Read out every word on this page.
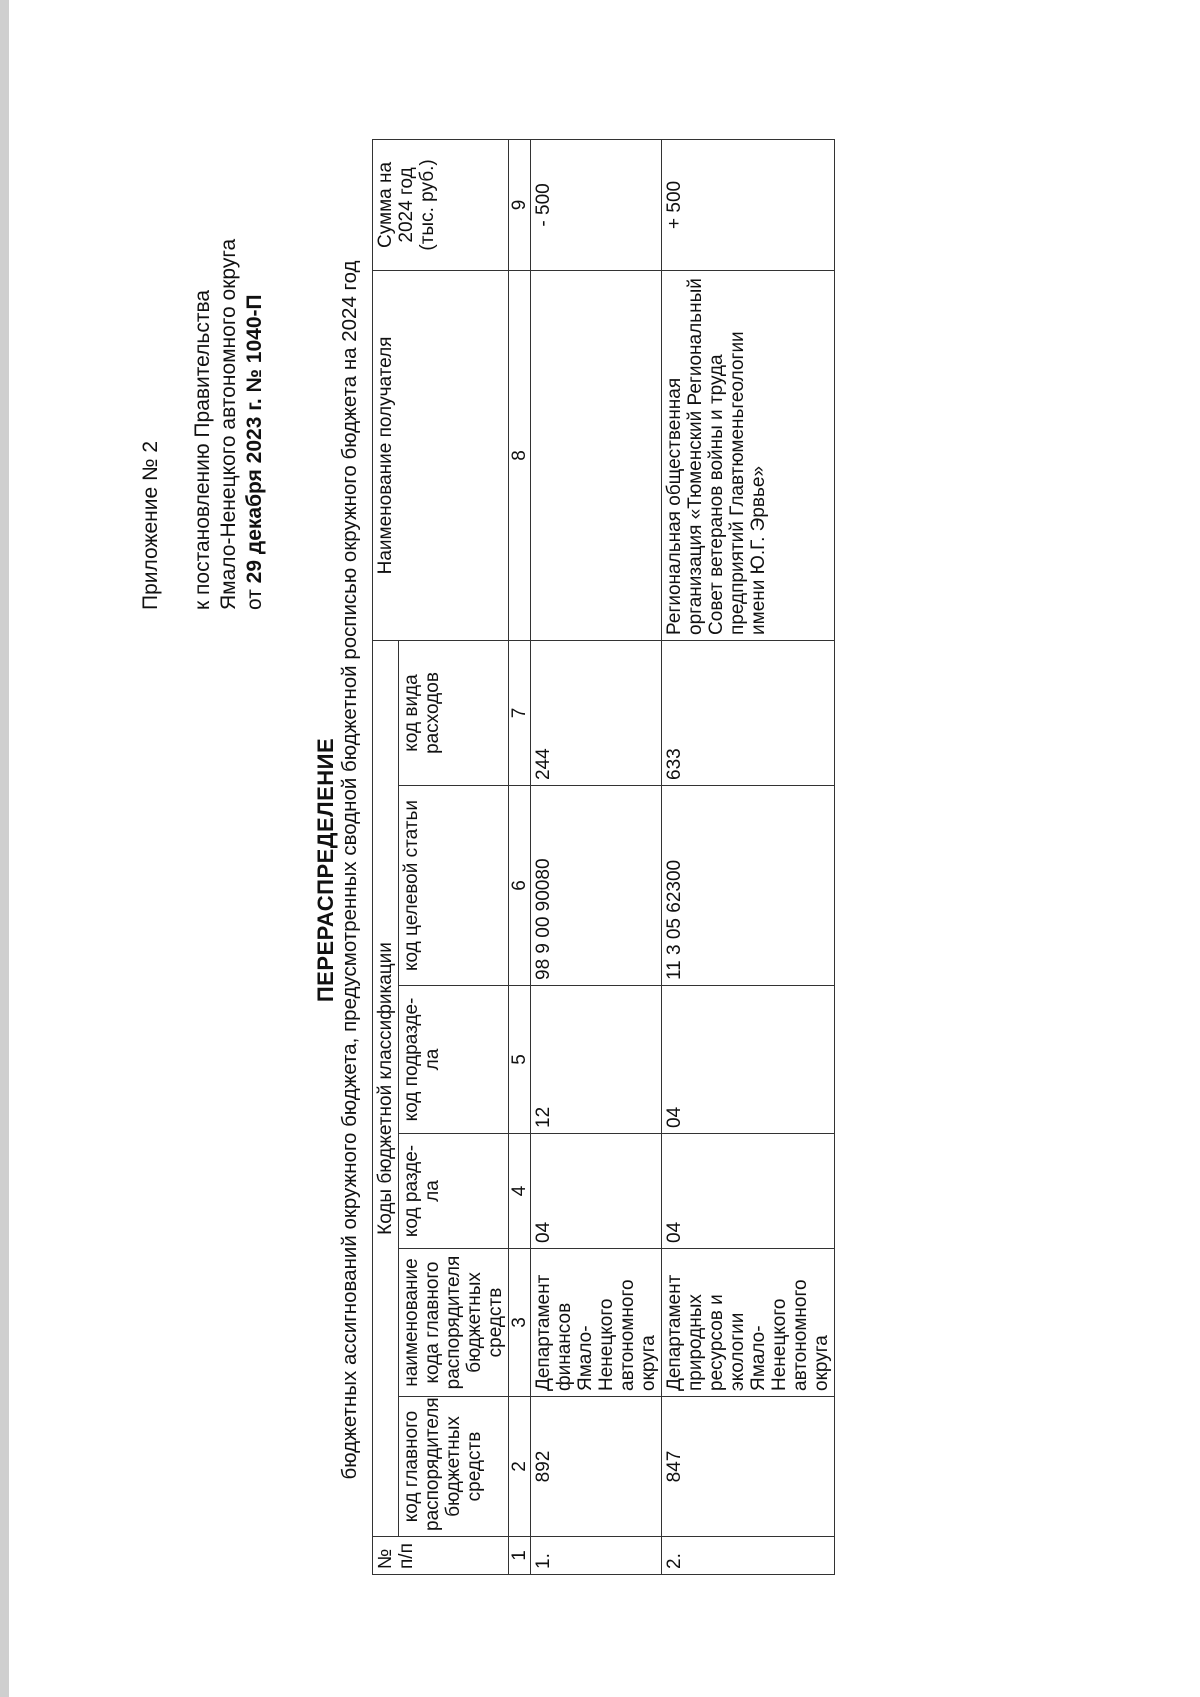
Приложение № 2 к постановлению Правительства Ямало-Ненецкого автономного округа от 29 декабря 2023 г. № 1040-П
ПЕРЕРАСПРЕДЕЛЕНИЕ бюджетных ассигнований окружного бюджета, предусмотренных сводной бюджетной росписью окружного бюджета на 2024 год
№ п/п	Коды бюджетной классификации						Наименование получателя	Сумма на 2024 год (тыс. руб.)
	код главного распорядителя бюджетных средств	наименование кода главного распорядителя бюджетных средств	код разде-ла	код подразде-ла	код целевой статьи	код вида расходов		
1	2	3	4	5	6	7	8	9
1.	892	Департамент финансов Ямало-Ненецкого автономного округа	04	12	98 9 00 90080	244		- 500
2.	847	Департамент природных ресурсов и экологии Ямало-Ненецкого автономного округа	04	04	11 3 05 62300	633	Региональная общественная организация «Тюменский Региональный Совет ветеранов войны и труда предприятий Главтюменьгеологии имени Ю.Г. Эрвье»	+ 500
